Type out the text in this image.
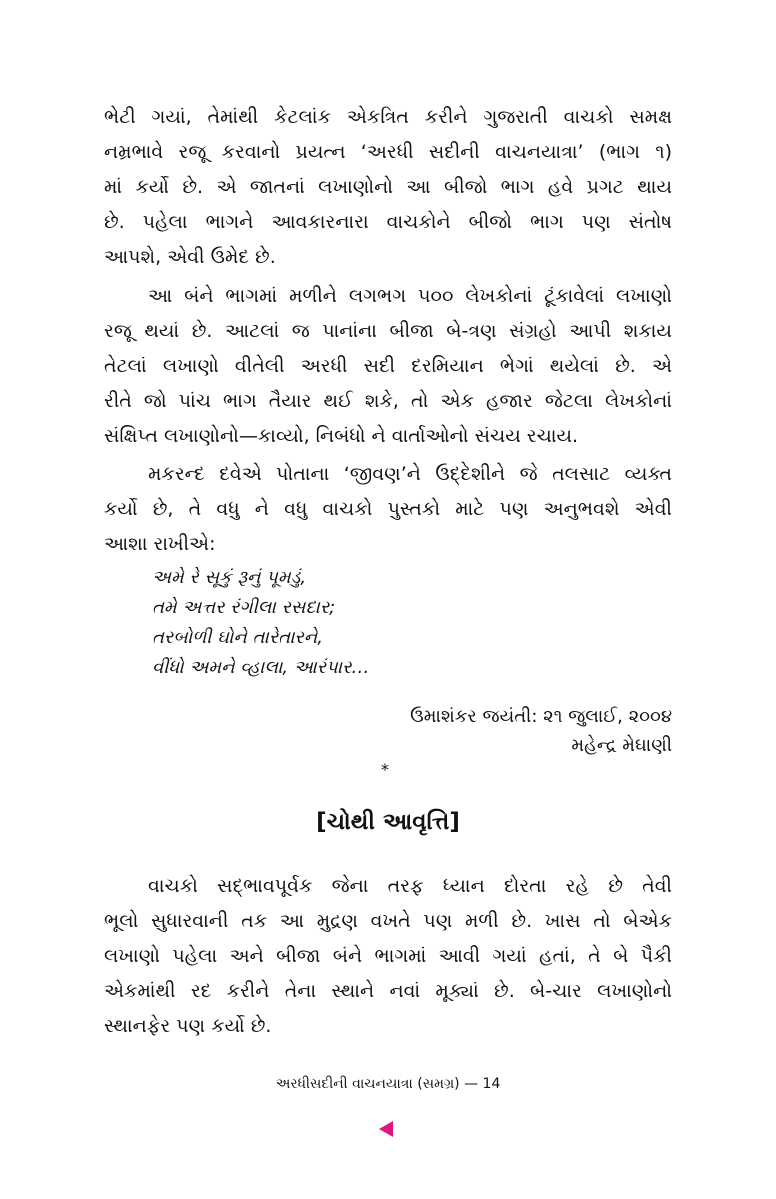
ભેટી ગયાં, તેમાંથી કેટલાંક એકત્રિત કરીને ગુજરાતી વાચકો સમક્ષ
નમ્રભાવે રજૂ કરવાનો પ્રયત્ન ‘અરધી સદીની વાચનયાત્રા’ (ભાગ ૧)
માં કર્યો છે. એ જાતનાં લખાણોનો આ બીજો ભાગ હવે પ્રગટ થાય
છે. પહેલા ભાગને આવકારનારા વાચકોને બીજો ભાગ પણ સંતોષ
આપશે, એવી ઉમેદ છે.
આ બંને ભાગમાં મળીને લગભગ ૫૦૦ લેખકોનાં ટૂંકાવેલાં લખાણો
રજૂ થયાં છે. આટલાં જ પાનાંના બીજા બે-ત્રણ સંગ્રહો આપી શકાય
તેટલાં લખાણો વીતેલી અરધી સદી દરમિયાન ભેગાં થયેલાં છે. એ
રીતે જો પાંચ ભાગ તૈયાર થઈ શકે, તો એક હજાર જેટલા લેખકોનાં
સંક્ષિપ્ત લખાણોનો—કાવ્યો, નિબંધો ને વાર્તાઓનો સંચય રચાય.
મકરન્દ દવેએ પોતાના ‘જીવણ’ને ઉદ્દેશીને જે તલસાટ વ્યક્ત
કર્યો છે, તે વધુ ને વધુ વાચકો પુસ્તકો માટે પણ અનુભવશે એવી
આશા રાખીએ:
અમે રે સૂકું રૂનું પૂમડું,
તમે અત્તર રંગીલા રસદાર;
તરબોળી ઘોને તારેતારને,
વીંધો અમને વ્હાલા, આરંપાર…
ઉમાશંકર જયંતી: ૨૧ જુલાઈ, ૨૦૦૪
મહેન્દ્ર મેઘાણી
*
[ચોથી આવૃત્તિ]
વાચકો સદ્ભાવપૂર્વક જેના તરફ ધ્યાન દોરતા રહે છે તેવી
ભૂલો સુધારવાની તક આ મુદ્રણ વખતે પણ મળી છે. ખાસ તો બેએક
લખાણો પહેલા અને બીજા બંને ભાગમાં આવી ગયાં હતાં, તે બે પૈકી
એકમાંથી રદ કરીને તેના સ્થાને નવાં મૂક્યાં છે. બે-ચાર લખાણોનો
સ્થાનફેર પણ કર્યો છે.
અરધીસદીની વાચનયાત્રા (સમગ્ર) — 14
